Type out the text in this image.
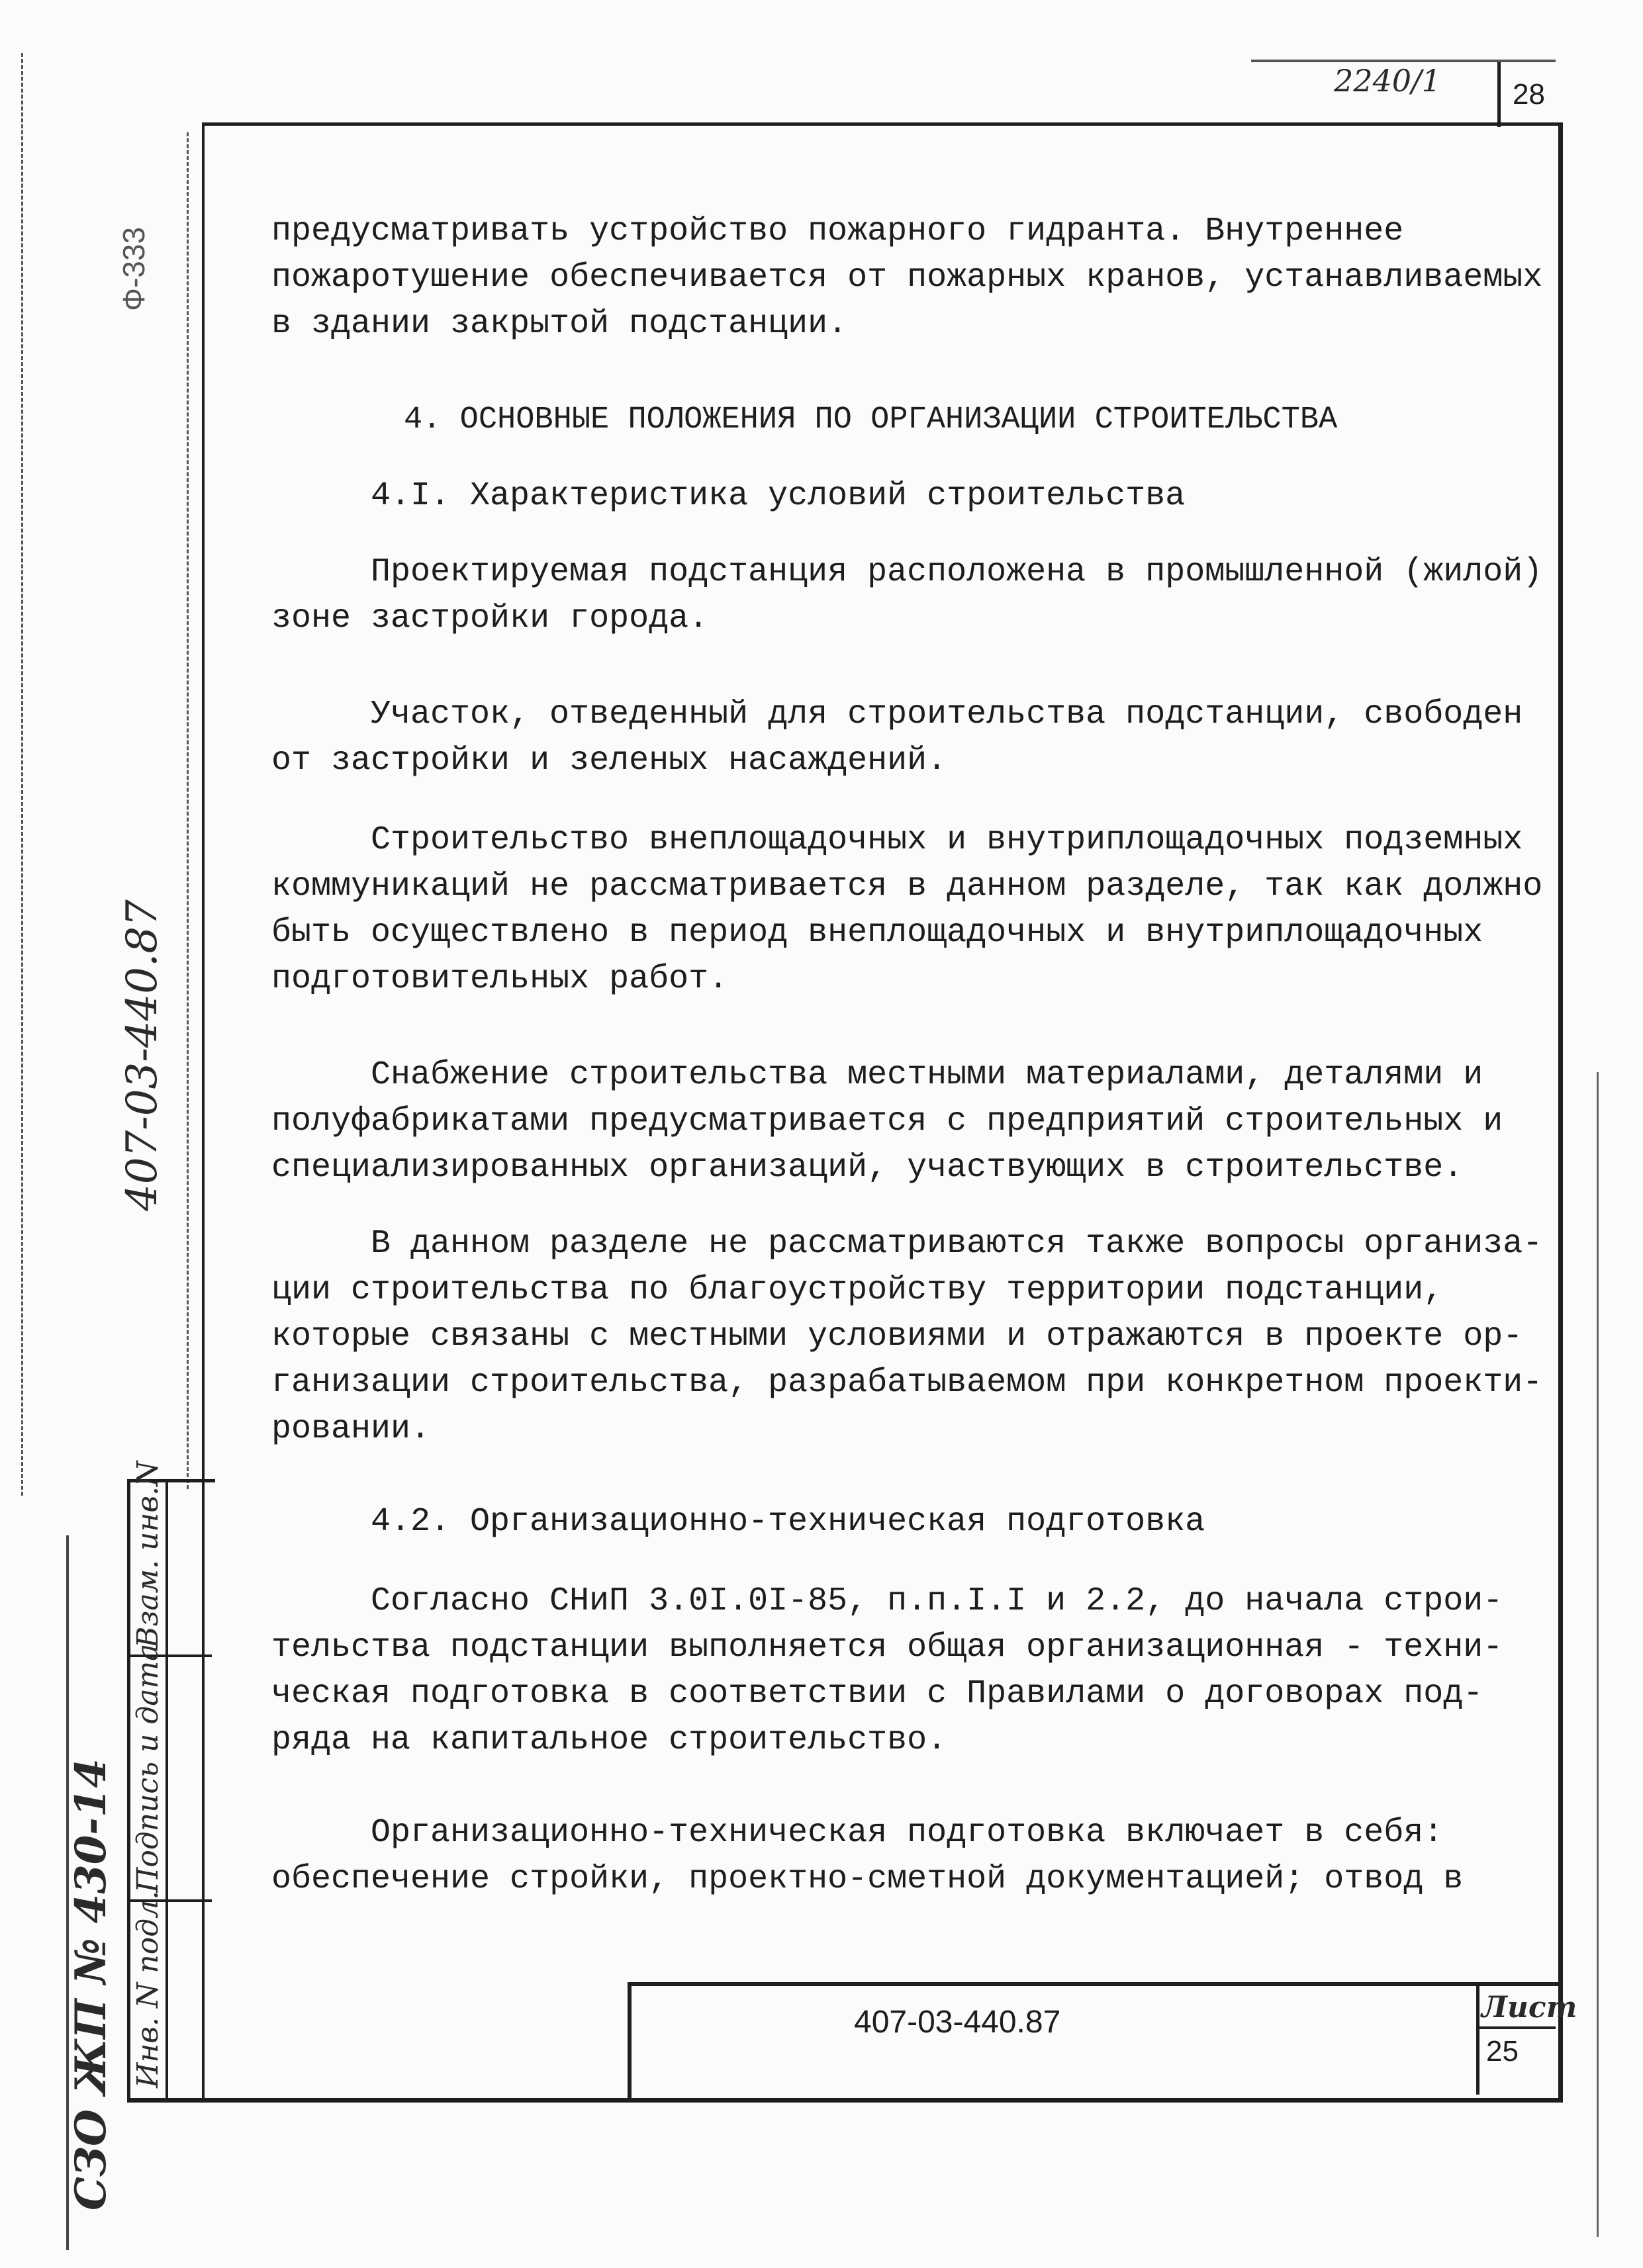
2240/1 28
Ф-333
407-03-440.87
СЗО ЖП № 430-14
Взам. инв.N
Подпись и дата
Инв. N подл.

предусматривать устройство пожарного гидранта. Внутреннее

пожаротушение обеспечивается от пожарных кранов, устанавливаемых

в здании закрытой подстанции.

4. ОСНОВНЫЕ ПОЛОЖЕНИЯ ПО ОРГАНИЗАЦИИ СТРОИТЕЛЬСТВА
4.I. Характеристика условий строительства

Проектируемая подстанция расположена в промышленной (жилой)

зоне застройки города.

Участок, отведенный для строительства подстанции, свободен

от застройки и зеленых насаждений.

Строительство внеплощадочных и внутриплощадочных подземных

коммуникаций не рассматривается в данном разделе, так как должно

быть осуществлено в период внеплощадочных и внутриплощадочных

подготовительных работ.

Снабжение строительства местными материалами, деталями и

полуфабрикатами предусматривается с предприятий строительных и

специализированных организаций, участвующих в строительстве.

В данном разделе не рассматриваются также вопросы организа-

ции строительства по благоустройству территории подстанции,

которые связаны с местными условиями и отражаются в проекте ор-

ганизации строительства, разрабатываемом при конкретном проекти-

ровании.

4.2. Организационно-техническая подготовка

Согласно СНиП 3.0I.0I-85, п.п.I.I и 2.2, до начала строи-

тельства подстанции выполняется общая организационная - техни-

ческая подготовка в соответствии с Правилами о договорах под-

ряда на капитальное строительство.

Организационно-техническая подготовка включает в себя:

обеспечение стройки, проектно-сметной документацией; отвод в

407-03-440.87	Лист
25
